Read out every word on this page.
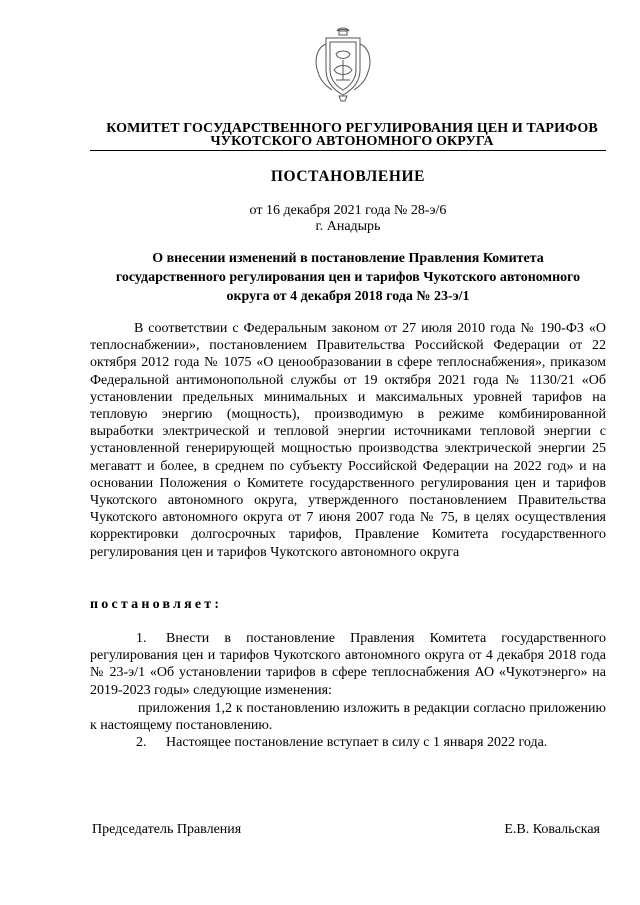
КОМИТЕТ ГОСУДАРСТВЕННОГО РЕГУЛИРОВАНИЯ ЦЕН И ТАРИФОВ
ЧУКОТСКОГО АВТОНОМНОГО ОКРУГА
ПОСТАНОВЛЕНИЕ
от 16 декабря 2021 года № 28-э/6
г. Анадырь
О внесении изменений в постановление Правления Комитета государственного регулирования цен и тарифов Чукотского автономного округа от 4 декабря 2018 года № 23-э/1

В соответствии с Федеральным законом от 27 июля 2010 года № 190-ФЗ «О теплоснабжении», постановлением Правительства Российской Федерации от 22 октября 2012 года № 1075 «О ценообразовании в сфере теплоснабжения», приказом Федеральной антимонопольной службы от 19 октября 2021 года № 1130/21 «Об установлении предельных минимальных и максимальных уровней тарифов на тепловую энергию (мощность), производимую в режиме комбинированной выработки электрической и тепловой энергии источниками тепловой энергии с установленной генерирующей мощностью производства электрической энергии 25 мегаватт и более, в среднем по субъекту Российской Федерации на 2022 год» и на основании Положения о Комитете государственного регулирования цен и тарифов Чукотского автономного округа, утвержденного постановлением Правительства Чукотского автономного округа от 7 июня 2007 года № 75, в целях осуществления корректировки долгосрочных тарифов, Правление Комитета государственного регулирования цен и тарифов Чукотского автономного округа

постановляет:

1. Внести в постановление Правления Комитета государственного регулирования цен и тарифов Чукотского автономного округа от 4 декабря 2018 года № 23-э/1 «Об установлении тарифов в сфере теплоснабжения АО «Чукотэнерго» на 2019-2023 годы» следующие изменения:

приложения 1,2 к постановлению изложить в редакции согласно приложению к настоящему постановлению.

2. Настоящее постановление вступает в силу с 1 января 2022 года.

Председатель Правления	Е.В. Ковальская
